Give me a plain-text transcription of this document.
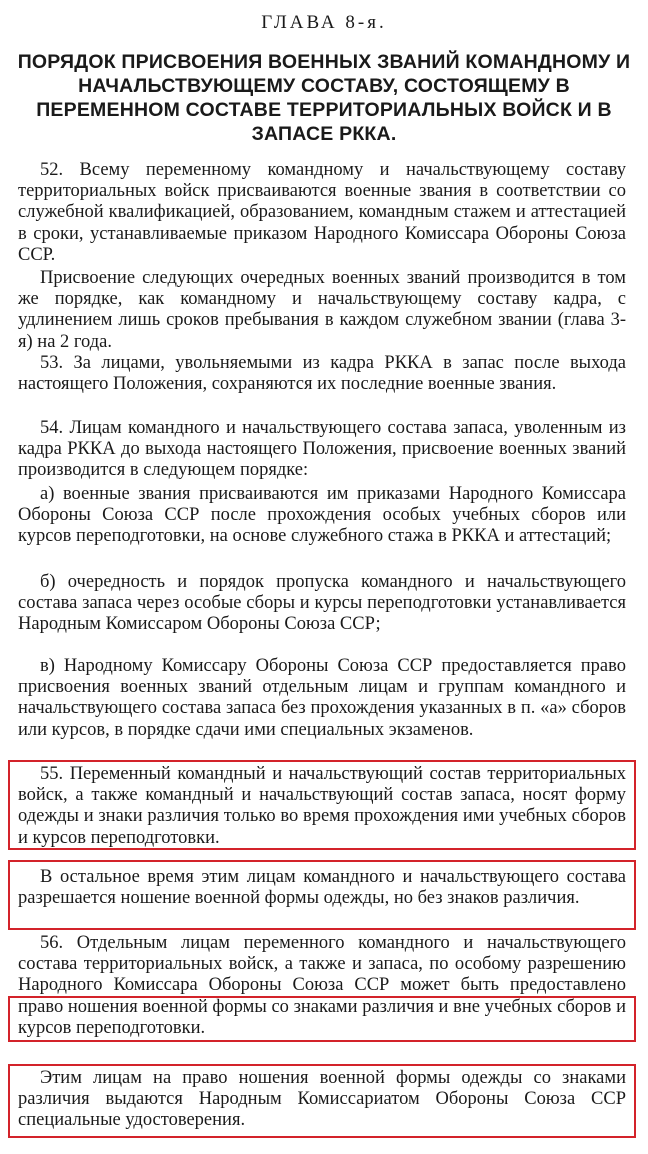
ГЛАВА 8-я.
ПОРЯДОК ПРИСВОЕНИЯ ВОЕННЫХ ЗВАНИЙ КОМАНДНОМУ И НАЧАЛЬСТВУЮЩЕМУ СОСТАВУ, СОСТОЯЩЕМУ В ПЕРЕМЕННОМ СОСТАВЕ ТЕРРИТОРИАЛЬНЫХ ВОЙСК И В ЗАПАСЕ РККА.

52. Всему переменному командному и начальствующему составу территориальных войск присваиваются военные звания в соответствии со служебной квалификацией, образованием, командным стажем и аттестацией в сроки, устанавливаемые приказом Народного Комиссара Обороны Союза ССР.

Присвоение следующих очередных военных званий производится в том же порядке, как командному и начальствующему составу кадра, с удлинением лишь сроков пребывания в каждом служебном звании (глава 3-я) на 2 года.

53. За лицами, увольняемыми из кадра РККА в запас после выхода настоящего Положения, сохраняются их последние военные звания.

54. Лицам командного и начальствующего состава запаса, уволенным из кадра РККА до выхода настоящего Положения, присвоение военных званий производится в следующем порядке:

а) военные звания присваиваются им приказами Народного Комиссара Обороны Союза ССР после прохождения особых учебных сборов или курсов переподготовки, на основе служебного стажа в РККА и аттестаций;

б) очередность и порядок пропуска командного и начальствующего состава запаса через особые сборы и курсы переподготовки устанавливается Народным Комиссаром Обороны Союза ССР;

в) Народному Комиссару Обороны Союза ССР предоставляется право присвоения военных званий отдельным лицам и группам командного и начальствующего состава запаса без прохождения указанных в п. «а» сборов или курсов, в порядке сдачи ими специальных экзаменов.

55. Переменный командный и начальствующий состав территориальных войск, а также командный и начальствующий состав запаса, носят форму одежды и знаки различия только во время прохождения ими учебных сборов и курсов переподготовки.

В остальное время этим лицам командного и начальствующего состава разрешается ношение военной формы одежды, но без знаков различия.

56. Отдельным лицам переменного командного и начальствующего состава территориальных войск, а также и запаса, по особому разрешению Народного Комиссара Обороны Союза ССР может быть предоставлено право ношения военной формы со знаками различия и вне учебных сборов и курсов переподготовки.

Этим лицам на право ношения военной формы одежды со знаками различия выдаются Народным Комиссариатом Обороны Союза ССР специальные удостоверения.
